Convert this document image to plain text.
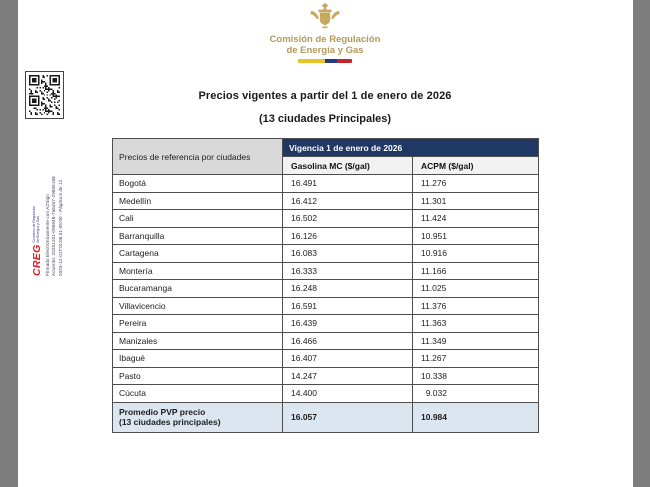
Comisión de Regulación
de Energía y Gas
Precios vigentes a partir del 1 de enero de 2026
(13 ciudades Principales)
Precios de referencia por ciudades	Vigencia 1 de enero de 2026	
	Gasolina MC ($/gal)	ACPM ($/gal)
Bogotá	16.491	11.276
Medellín	16.412	11.301
Cali	16.502	11.424
Barranquilla	16.126	10.951
Cartagena	16.083	10.916
Montería	16.333	11.166
Bucaramanga	16.248	11.025
Villavicencio	16.591	11.376
Pereira	16.439	11.363
Manizales	16.466	11.349
Ibagué	16.407	11.267
Pasto	14.247	10.338
Cúcuta	14.400	9.032

Promedio PVP precio
(13 ciudades principales)	16.057	10.984
CREG
Comisión de Regulación
de Energía y Gas Firmado Electrónicamente con AZSign Acuerdo: 20251201-095948-7a5d47-29805168 2025-12-01T20:06:31-05:00 - Página 5 de 12
